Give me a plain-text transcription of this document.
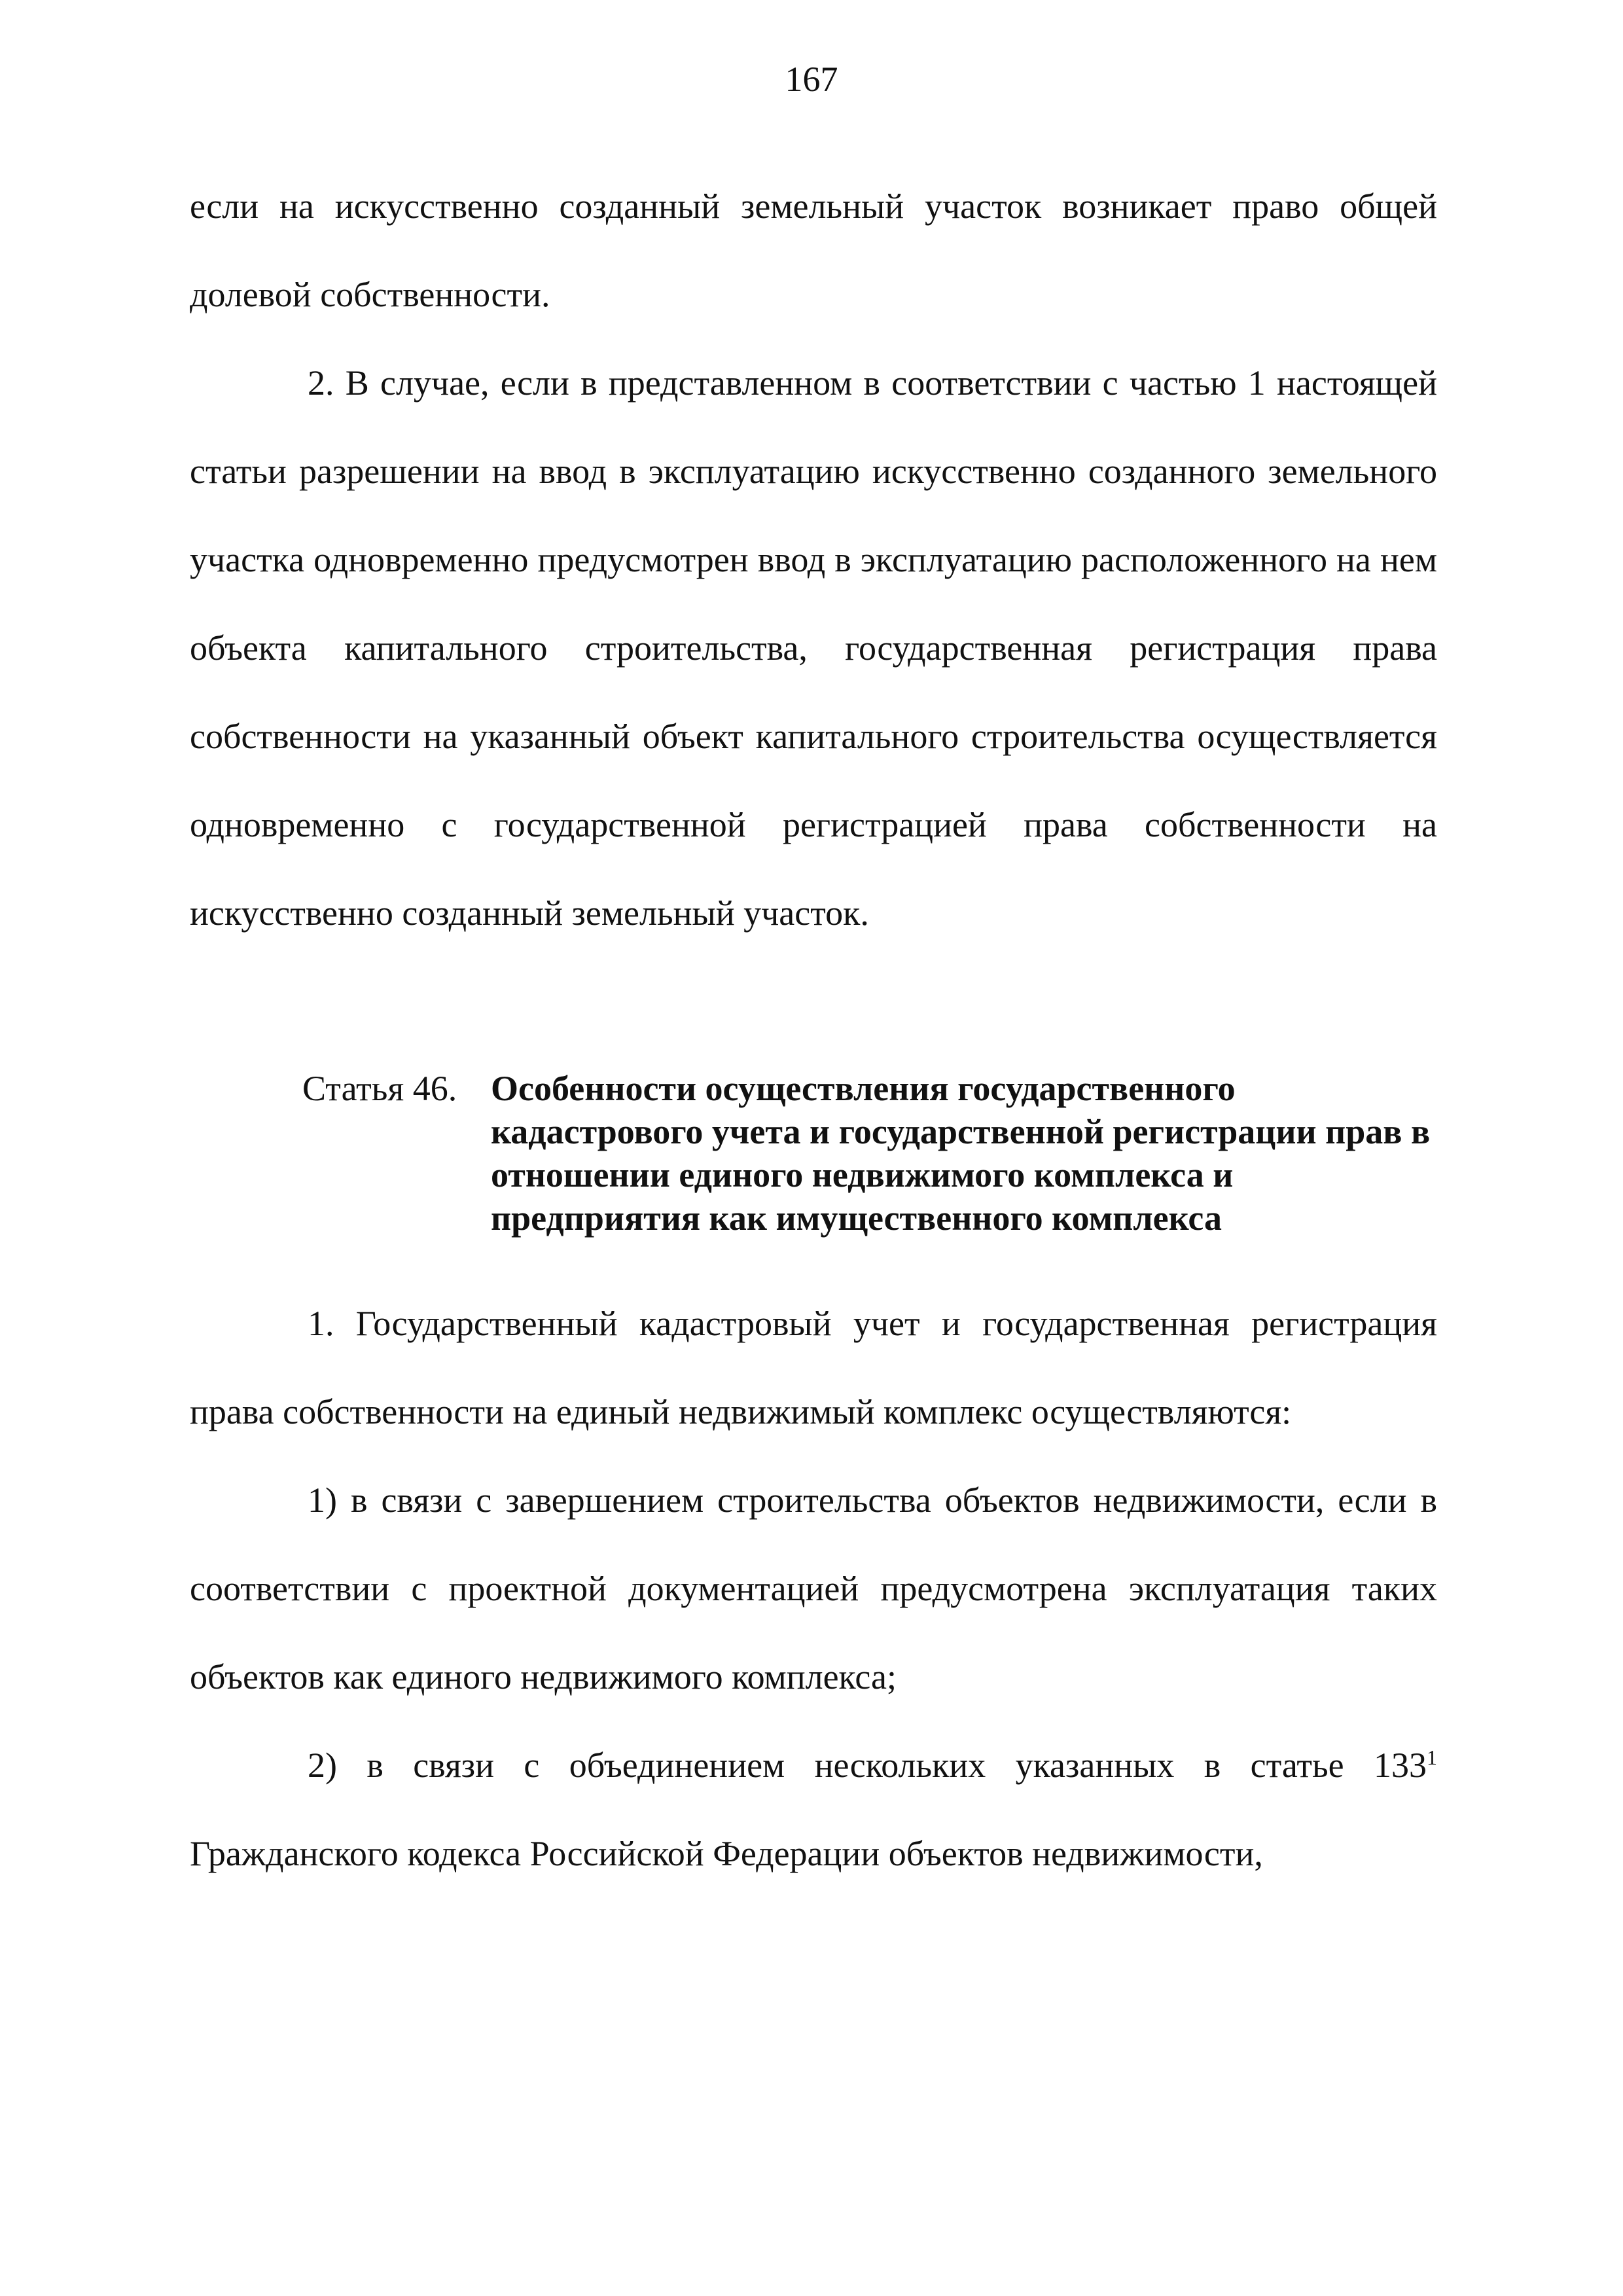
167

если на искусственно созданный земельный участок возникает право общей долевой собственности.

2. В случае, если в представленном в соответствии с частью 1 настоящей статьи разрешении на ввод в эксплуатацию искусственно созданного земельного участка одновременно предусмотрен ввод в эксплуатацию расположенного на нем объекта капитального строительства, государственная регистрация права собственности на указанный объект капитального строительства осуществляется одновременно с государственной регистрацией права собственности на искусственно созданный земельный участок.

Статья 46. Особенности осуществления государственного кадастрового учета и государственной регистрации прав в отношении единого недвижимого комплекса и предприятия как имущественного комплекса

1. Государственный кадастровый учет и государственная регистрация права собственности на единый недвижимый комплекс осуществляются:

1) в связи с завершением строительства объектов недвижимости, если в соответствии с проектной документацией предусмотрена эксплуатация таких объектов как единого недвижимого комплекса;

2) в связи с объединением нескольких указанных в статье $133^1$ Гражданского кодекса Российской Федерации объектов недвижимости,
